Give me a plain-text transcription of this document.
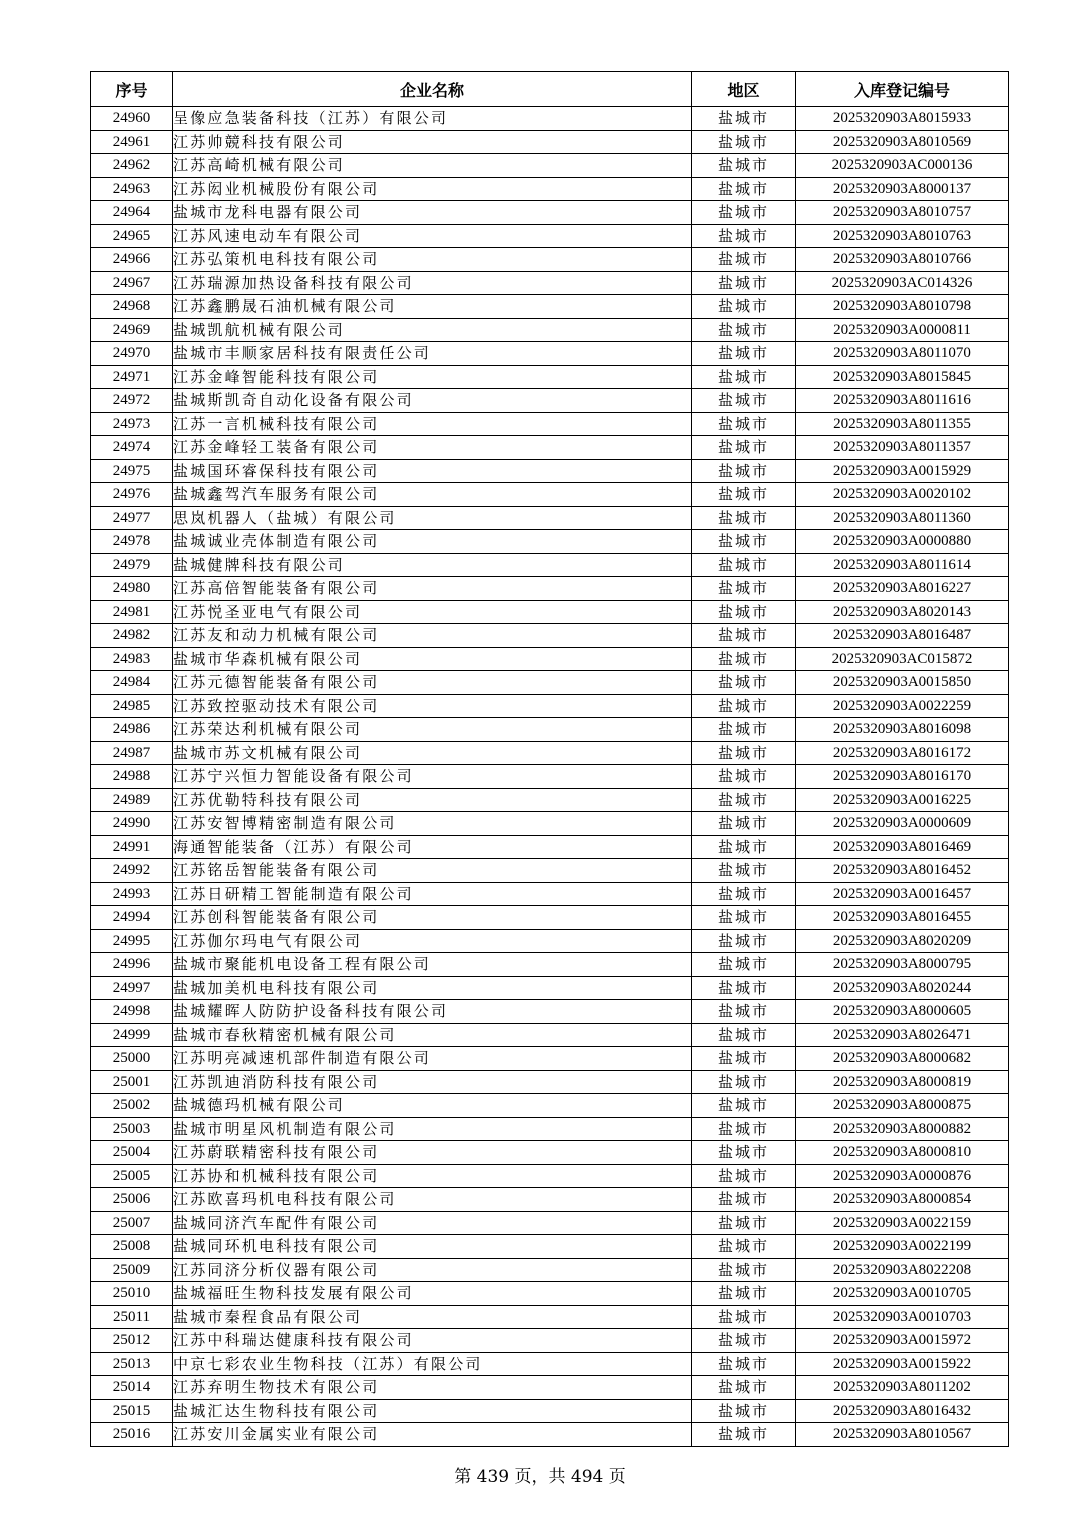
序号	企业名称	地区	入库登记编号
24960	呈像应急装备科技（江苏）有限公司	盐城市	2025320903A8015933
24961	江苏帅競科技有限公司	盐城市	2025320903A8010569
24962	江苏高崎机械有限公司	盐城市	2025320903AC000136
24963	江苏闳业机械股份有限公司	盐城市	2025320903A8000137
24964	盐城市龙科电器有限公司	盐城市	2025320903A8010757
24965	江苏风速电动车有限公司	盐城市	2025320903A8010763
24966	江苏弘策机电科技有限公司	盐城市	2025320903A8010766
24967	江苏瑞源加热设备科技有限公司	盐城市	2025320903AC014326
24968	江苏鑫鹏晟石油机械有限公司	盐城市	2025320903A8010798
24969	盐城凯航机械有限公司	盐城市	2025320903A0000811
24970	盐城市丰顺家居科技有限责任公司	盐城市	2025320903A8011070
24971	江苏金峰智能科技有限公司	盐城市	2025320903A8015845
24972	盐城斯凯奇自动化设备有限公司	盐城市	2025320903A8011616
24973	江苏一言机械科技有限公司	盐城市	2025320903A8011355
24974	江苏金峰轻工装备有限公司	盐城市	2025320903A8011357
24975	盐城国环睿保科技有限公司	盐城市	2025320903A0015929
24976	盐城鑫驾汽车服务有限公司	盐城市	2025320903A0020102
24977	思岚机器人（盐城）有限公司	盐城市	2025320903A8011360
24978	盐城诚业壳体制造有限公司	盐城市	2025320903A0000880
24979	盐城健牌科技有限公司	盐城市	2025320903A8011614
24980	江苏高倍智能装备有限公司	盐城市	2025320903A8016227
24981	江苏悦圣亚电气有限公司	盐城市	2025320903A8020143
24982	江苏友和动力机械有限公司	盐城市	2025320903A8016487
24983	盐城市华森机械有限公司	盐城市	2025320903AC015872
24984	江苏元德智能装备有限公司	盐城市	2025320903A0015850
24985	江苏致控驱动技术有限公司	盐城市	2025320903A0022259
24986	江苏荣达利机械有限公司	盐城市	2025320903A8016098
24987	盐城市苏文机械有限公司	盐城市	2025320903A8016172
24988	江苏宁兴恒力智能设备有限公司	盐城市	2025320903A8016170
24989	江苏优勒特科技有限公司	盐城市	2025320903A0016225
24990	江苏安智博精密制造有限公司	盐城市	2025320903A0000609
24991	海通智能装备（江苏）有限公司	盐城市	2025320903A8016469
24992	江苏铭岳智能装备有限公司	盐城市	2025320903A8016452
24993	江苏日研精工智能制造有限公司	盐城市	2025320903A0016457
24994	江苏创科智能装备有限公司	盐城市	2025320903A8016455
24995	江苏伽尔玛电气有限公司	盐城市	2025320903A8020209
24996	盐城市聚能机电设备工程有限公司	盐城市	2025320903A8000795
24997	盐城加美机电科技有限公司	盐城市	2025320903A8020244
24998	盐城耀晖人防防护设备科技有限公司	盐城市	2025320903A8000605
24999	盐城市春秋精密机械有限公司	盐城市	2025320903A8026471
25000	江苏明亮减速机部件制造有限公司	盐城市	2025320903A8000682
25001	江苏凯迪消防科技有限公司	盐城市	2025320903A8000819
25002	盐城德玛机械有限公司	盐城市	2025320903A8000875
25003	盐城市明星风机制造有限公司	盐城市	2025320903A8000882
25004	江苏蔚联精密科技有限公司	盐城市	2025320903A8000810
25005	江苏协和机械科技有限公司	盐城市	2025320903A0000876
25006	江苏欧喜玛机电科技有限公司	盐城市	2025320903A8000854
25007	盐城同济汽车配件有限公司	盐城市	2025320903A0022159
25008	盐城同环机电科技有限公司	盐城市	2025320903A0022199
25009	江苏同济分析仪器有限公司	盐城市	2025320903A8022208
25010	盐城福旺生物科技发展有限公司	盐城市	2025320903A0010705
25011	盐城市秦程食品有限公司	盐城市	2025320903A0010703
25012	江苏中科瑞达健康科技有限公司	盐城市	2025320903A0015972
25013	中京七彩农业生物科技（江苏）有限公司	盐城市	2025320903A0015922
25014	江苏弃明生物技术有限公司	盐城市	2025320903A8011202
25015	盐城汇达生物科技有限公司	盐城市	2025320903A8016432
25016	江苏安川金属实业有限公司	盐城市	2025320903A8010567
第 439 页，共 494 页
